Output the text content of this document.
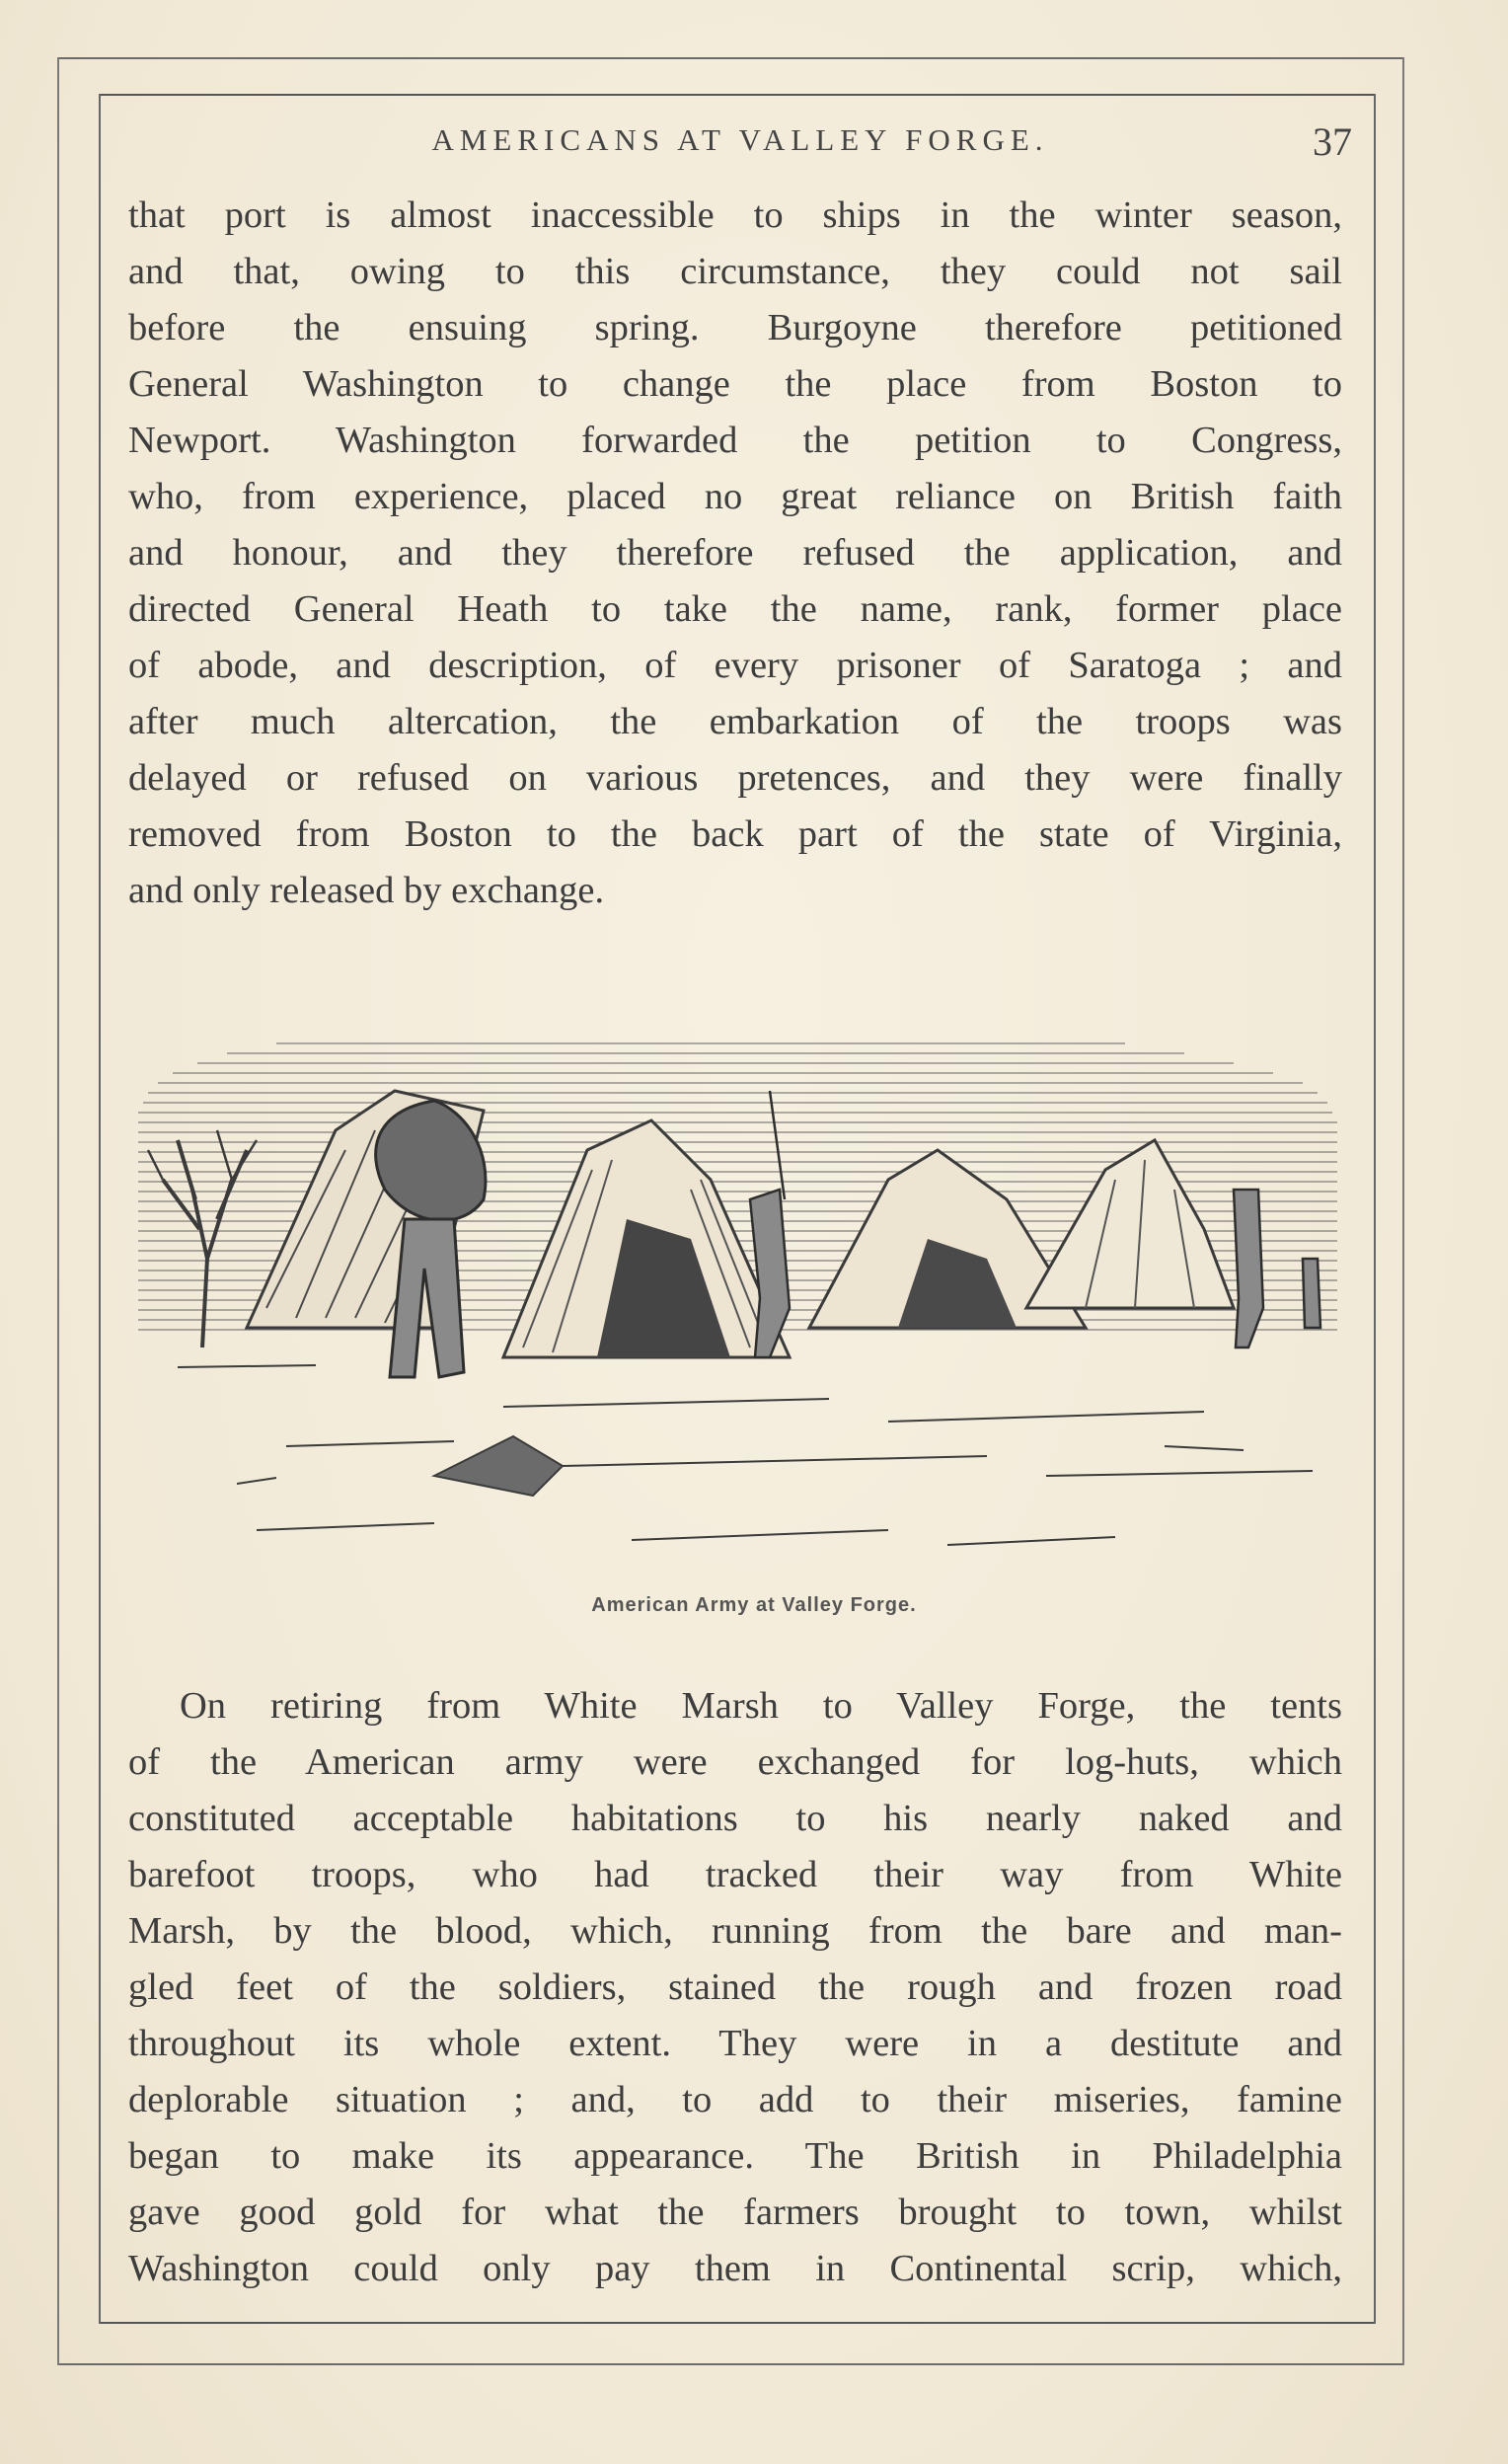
AMERICANS AT VALLEY FORGE.	37
that port is almost inaccessible to ships in the winter season,
and that, owing to this circumstance, they could not sail
before the ensuing spring. Burgoyne therefore petitioned
General Washington to change the place from Boston to
Newport. Washington forwarded the petition to Congress,
who, from experience, placed no great reliance on British faith
and honour, and they therefore refused the application, and
directed General Heath to take the name, rank, former place
of abode, and description, of every prisoner of Saratoga ; and
after much altercation, the embarkation of the troops was
delayed or refused on various pretences, and they were finally
removed from Boston to the back part of the state of Virginia,
and only released by exchange.
American Army at Valley Forge.
On retiring from White Marsh to Valley Forge, the tents
of the American army were exchanged for log-huts, which
constituted acceptable habitations to his nearly naked and
barefoot troops, who had tracked their way from White
Marsh, by the blood, which, running from the bare and man-
gled feet of the soldiers, stained the rough and frozen road
throughout its whole extent. They were in a destitute and
deplorable situation ; and, to add to their miseries, famine
began to make its appearance. The British in Philadelphia
gave good gold for what the farmers brought to town, whilst
Washington could only pay them in Continental scrip, which,
